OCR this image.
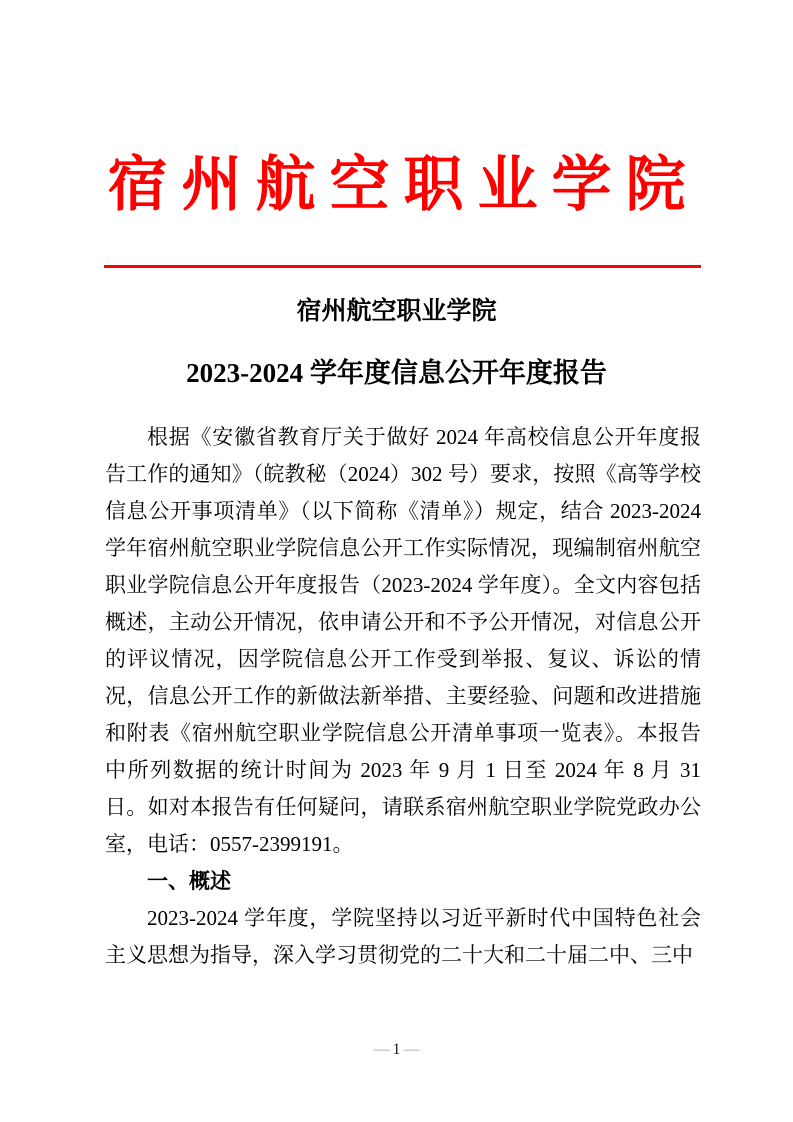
宿州航空职业学院
宿州航空职业学院
2023-2024 学年度信息公开年度报告

根据《安徽省教育厅关于做好 2024 年高校信息公开年度报告工作的通知》（皖教秘（2024）302 号）要求，按照《高等学校信息公开事项清单》（以下简称《清单》）规定，结合 2023-2024 学年宿州航空职业学院信息公开工作实际情况，现编制宿州航空职业学院信息公开年度报告（2023-2024 学年度）。全文内容包括概述，主动公开情况，依申请公开和不予公开情况，对信息公开的评议情况，因学院信息公开工作受到举报、复议、诉讼的情况，信息公开工作的新做法新举措、主要经验、问题和改进措施和附表《宿州航空职业学院信息公开清单事项一览表》。本报告中所列数据的统计时间为 2023 年 9 月 1 日至 2024 年 8 月 31 日。如对本报告有任何疑问，请联系宿州航空职业学院党政办公室，电话：0557-2399191。

一、概述

2023-2024 学年度，学院坚持以习近平新时代中国特色社会主义思想为指导，深入学习贯彻党的二十大和二十届二中、三中

— 1 —
